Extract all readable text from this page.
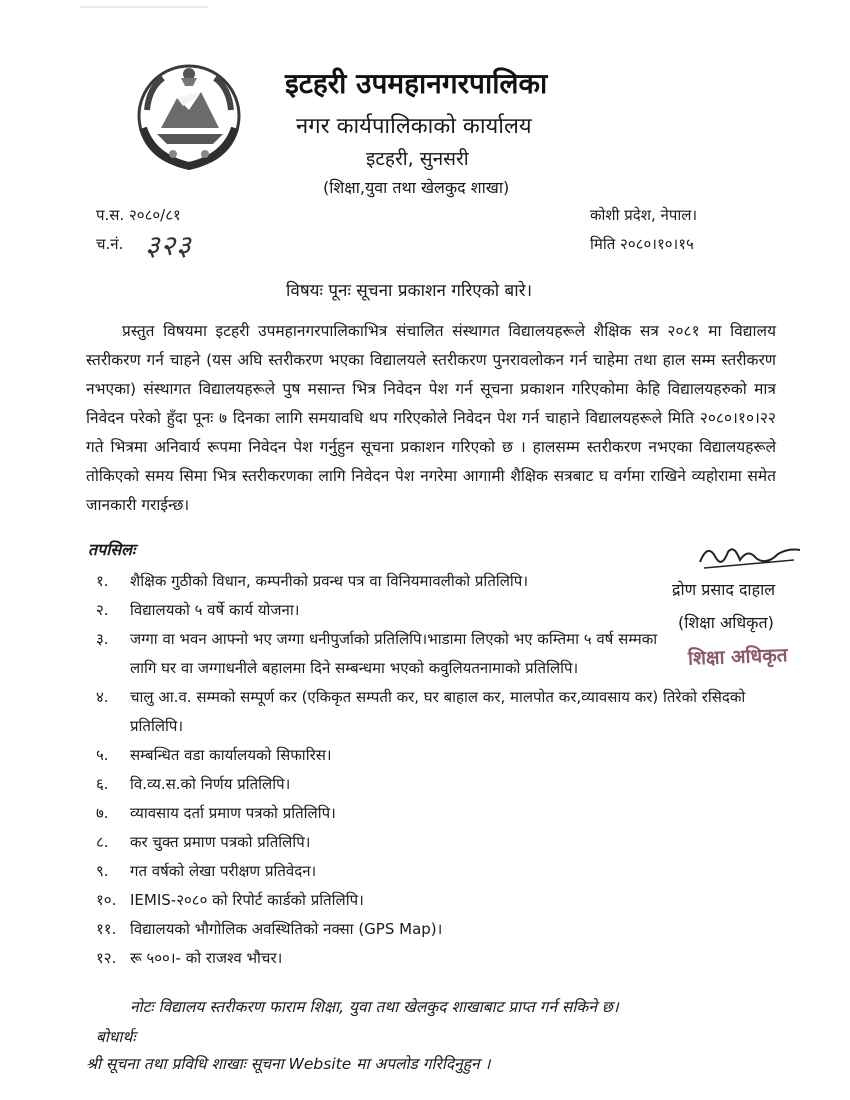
इटहरी उपमहानगरपालिका
नगर कार्यपालिकाको कार्यालय
इटहरी, सुनसरी
(शिक्षा,युवा तथा खेलकुद शाखा)
प.स. २०८०/८१
च.नं. ३२३
कोशी प्रदेश, नेपाल।
मिति २०८०।१०।१५
विषयः पूनः सूचना प्रकाशन गरिएको बारे।
प्रस्तुत विषयमा इटहरी उपमहानगरपालिकाभित्र संचालित संस्थागत विद्यालयहरूले शैक्षिक सत्र २०८१ मा विद्यालय स्तरीकरण गर्न चाहने (यस अघि स्तरीकरण भएका विद्यालयले स्तरीकरण पुनरावलोकन गर्न चाहेमा तथा हाल सम्म स्तरीकरण नभएका) संस्थागत विद्यालयहरूले पुष मसान्त भित्र निवेदन पेश गर्न सूचना प्रकाशन गरिएकोमा केहि विद्यालयहरुको मात्र निवेदन परेको हुँदा पूनः ७ दिनका लागि समयावधि थप गरिएकोले निवेदन पेश गर्न चाहाने विद्यालयहरूले मिति २०८०।१०।२२ गते भित्रमा अनिवार्य रूपमा निवेदन पेश गर्नुहुन सूचना प्रकाशन गरिएको छ । हालसम्म स्तरीकरण नभएका विद्यालयहरूले तोकिएको समय सिमा भित्र स्तरीकरणका लागि निवेदन पेश नगरेमा आगामी शैक्षिक सत्रबाट घ वर्गमा राखिने व्यहोरामा समेत जानकारी गराईन्छ।
तपसिलः
१. शैक्षिक गुठीको विधान, कम्पनीको प्रवन्ध पत्र वा विनियमावलीको प्रतिलिपि।
२. विद्यालयको ५ वर्षे कार्य योजना।
३. जग्गा वा भवन आफ्नो भए जग्गा धनीपुर्जाको प्रतिलिपि।भाडामा लिएको भए कम्तिमा ५ वर्ष सम्मका लागि घर वा जग्गाधनीले बहालमा दिने सम्बन्धमा भएको कवुलियतनामाको प्रतिलिपि।
४. चालु आ.व. सम्मको सम्पूर्ण कर (एकिकृत सम्पती कर, घर बाहाल कर, मालपोत कर,व्यावसाय कर) तिरेको रसिदको प्रतिलिपि।
५. सम्बन्धित वडा कार्यालयको सिफारिस।
६. वि.व्य.स.को निर्णय प्रतिलिपि।
७. व्यावसाय दर्ता प्रमाण पत्रको प्रतिलिपि।
८. कर चुक्त प्रमाण पत्रको प्रतिलिपि।
९. गत वर्षको लेखा परीक्षण प्रतिवेदन।
१०. IEMIS-२०८० को रिपोर्ट कार्डको प्रतिलिपि।
११. विद्यालयको भौगोलिक अवस्थितिको नक्सा (GPS Map)।
१२. रू ५००।- को राजश्व भौचर।
द्रोण प्रसाद दाहाल
(शिक्षा अधिकृत)
शिक्षा अधिकृत
नोटः विद्यालय स्तरीकरण फाराम शिक्षा, युवा तथा खेलकुद शाखाबाट प्राप्त गर्न सकिने छ।
बोधार्थः
श्री सूचना तथा प्रविधि शाखाः सूचना Website मा अपलोड गरिदिनुहुन ।
